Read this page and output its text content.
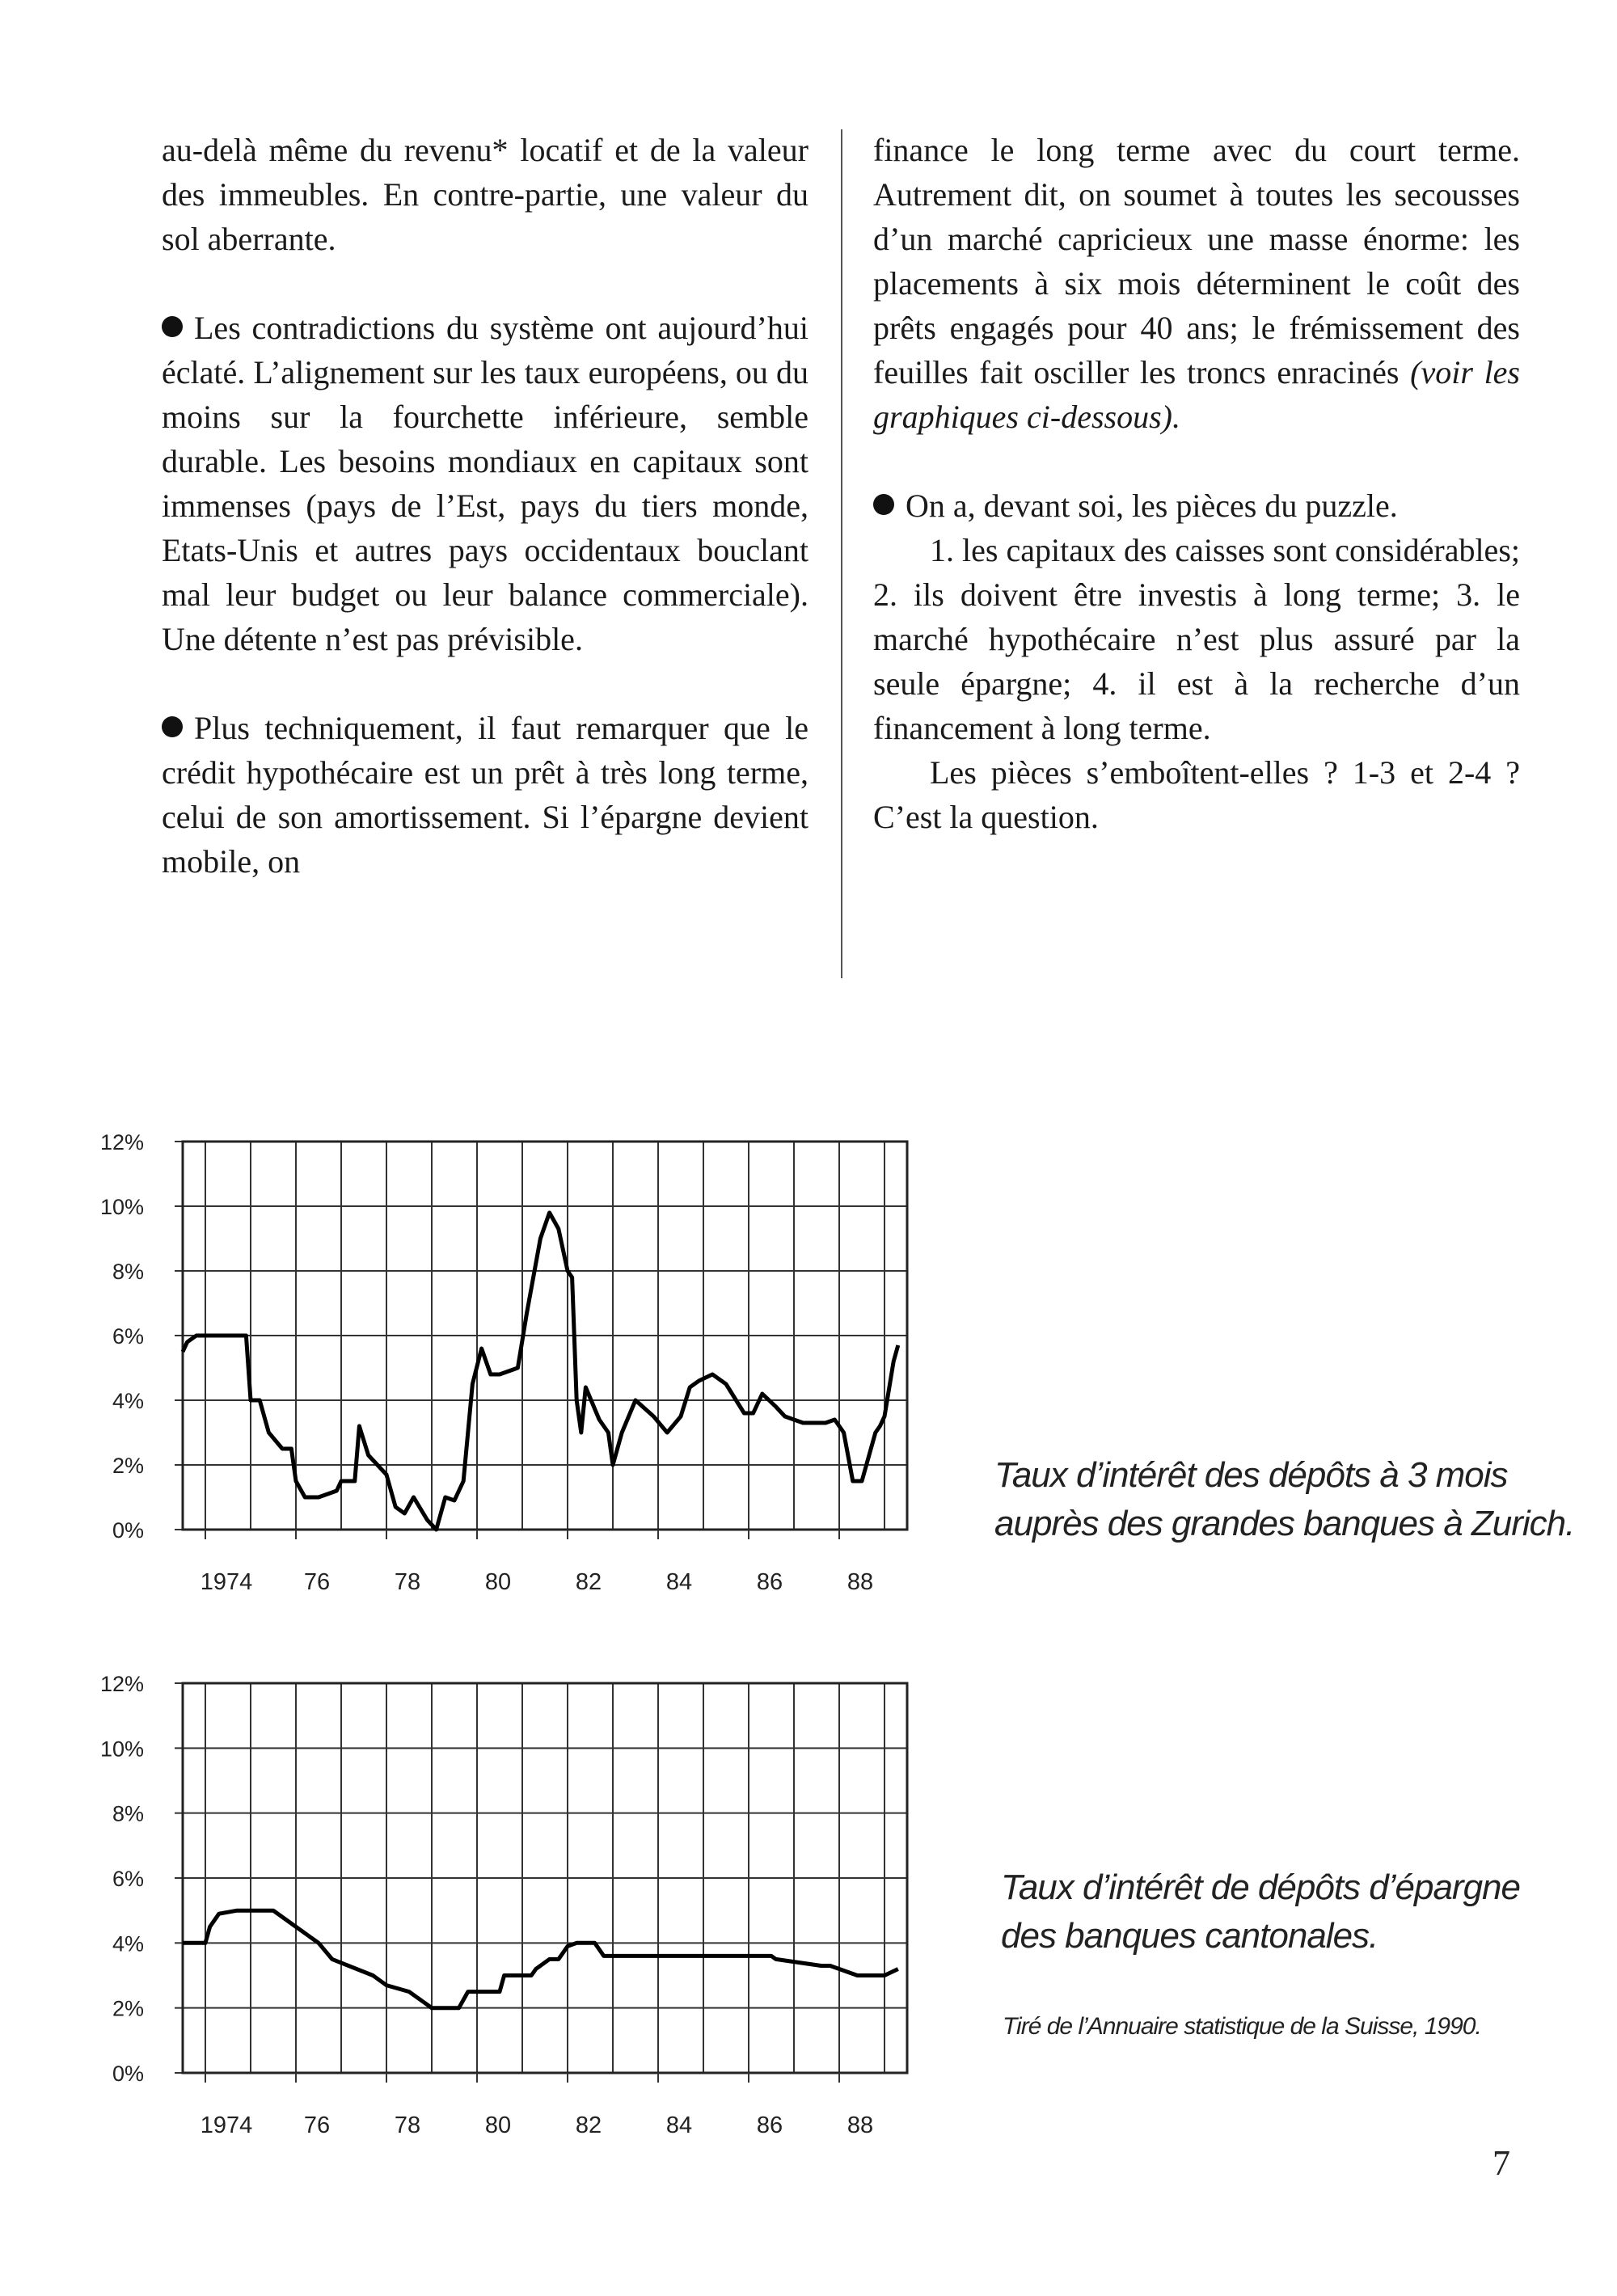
au-delà même du revenu* locatif et de la valeur des immeubles. En contre-partie, une valeur du sol aberrante.

Les contradictions du système ont aujourd’hui éclaté. L’alignement sur les taux européens, ou du moins sur la fourchette inférieure, semble durable. Les besoins mondiaux en capitaux sont immenses (pays de l’Est, pays du tiers monde, Etats-Unis et autres pays occidentaux bouclant mal leur budget ou leur balance commerciale). Une détente n’est pas prévisible.

Plus techniquement, il faut remarquer que le crédit hypothécaire est un prêt à très long terme, celui de son amortissement. Si l’épargne devient mobile, on

finance le long terme avec du court terme. Autrement dit, on soumet à toutes les secousses d’un marché capricieux une masse énorme: les placements à six mois déterminent le coût des prêts engagés pour 40 ans; le frémissement des feuilles fait osciller les troncs enracinés (voir les graphiques ci-dessous).

On a, devant soi, les pièces du puzzle.

1. les capitaux des caisses sont considérables; 2. ils doivent être investis à long terme; 3. le marché hypothécaire n’est plus assuré par la seule épargne; 4. il est à la recherche d’un financement à long terme.

Les pièces s’emboîtent-elles ? 1-3 et 2-4 ? C’est la question.

0%
2%
4%
6%
8%
10%
12%
1974 76	78	80	82	84	86	88
0%
2%
4%
6%
8%
10%
12%
1974 76	78	80	82	84	86	88
Taux d’intérêt des dépôts à 3 mois auprès des grandes banques à Zurich.
Taux d’intérêt de dépôts d’épargne des banques cantonales.
Tiré de l’Annuaire statistique de la Suisse, 1990.
7
